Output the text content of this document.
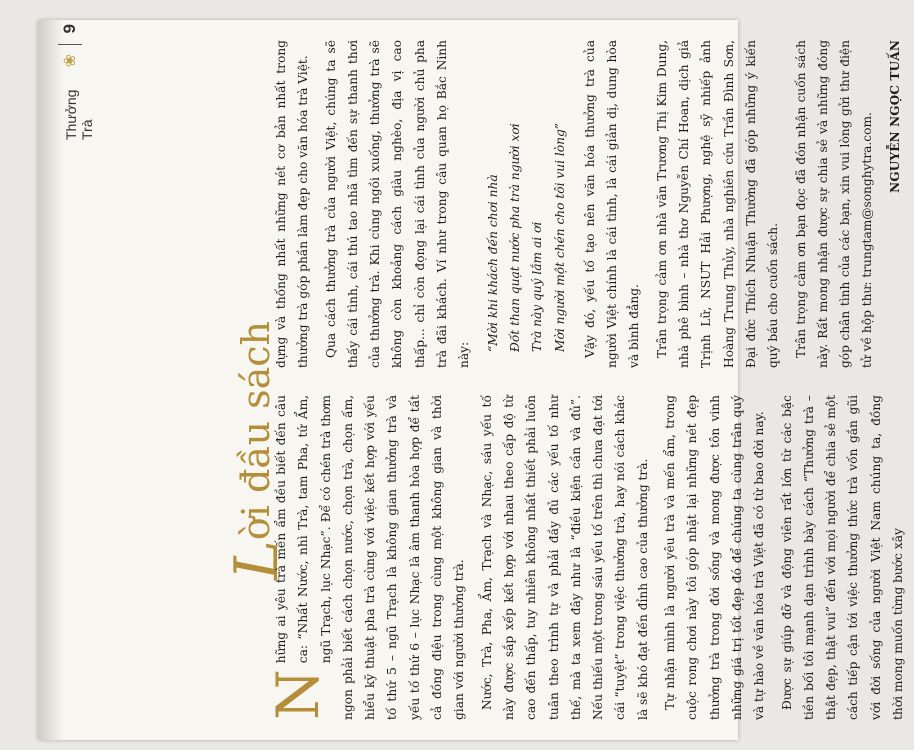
Thưởng Trà
❀
9
Lời đầu sách

N
hững ai yêu trà mến ẩm đều biết đến câu ca: “Nhất Nước, nhì Trà, tam Pha, tứ Ẩm, ngũ Trạch, lục Nhạc”. Để có chén trà thơm ngon phải biết cách chọn nước, chọn trà, chọn ấm, hiểu kỹ thuật pha trà cùng với việc kết hợp với yếu tố thứ 5 – ngũ Trạch là không gian thưởng trà và yếu tố thứ 6 – lục Nhạc là âm thanh hòa hợp để tất cả đồng điệu trong cùng một không gian và thời gian với người thưởng trà.	Nước, Trà, Pha, Ẩm, Trạch và Nhạc, sáu yếu tố này được sắp xếp kết hợp với nhau theo cấp độ từ cao đến thấp, tuy nhiên không nhất thiết phải luôn tuân theo trình tự và phải đầy đủ các yếu tố như thế, mà ta xem đây như là “điều kiện cần và đủ”. Nếu thiếu một trong sáu yếu tố trên thì chưa đạt tới cái “tuyệt” trong việc thưởng trà, hay nói cách khác là sẽ khó đạt đến đỉnh cao của thưởng trà.	Tự nhận mình là người yêu trà và mến ẩm, trong cuộc rong chơi này tôi góp nhặt lại những nét đẹp thưởng trà trong đời sống và mong được tôn vinh những giá trị tốt đẹp đó để chúng ta cùng trân quý và tự hào về văn hóa trà Việt đã có từ bao đời nay.	Được sự giúp đỡ và động viên rất lớn từ các bậc tiền bối tôi mạnh dạn trình bày cách “Thưởng trà – thật đẹp, thật vui” đến với mọi người để chia sẻ một cách tiếp cận tới việc thưởng thức trà vốn gắn gũi với đời sống của người Việt Nam chúng ta, đồng thời mong muốn từng bước xây

dựng và thống nhất những nét cơ bản nhất trong thưởng trà góp phần làm đẹp cho văn hóa trà Việt.	Qua cách thưởng trà của người Việt, chúng ta sẽ thấy cái tình, cái thú tao nhã tìm đến sự thanh thơi của thưởng trà. Khi cùng ngồi xuống, thưởng trà sẽ không còn khoảng cách giàu nghèo, địa vị cao thấp... chỉ còn đọng lại cái tình của người chủ pha trà đãi khách. Ví như trong câu quan họ Bắc Ninh này:

“Mời khi khách đến chơi nhà Đốt than quạt nước pha trà người xơi Trà này quý lắm ai ơi Mời người một chén cho tôi vui lòng”	Vậy đó, yếu tố tạo nên văn hóa thưởng trà của người Việt chính là cái tình, là cái giản dị, dung hòa và bình đẳng.	Trân trọng cảm ơn nhà văn Trương Thị Kim Dung, nhà phê bình – nhà thơ Nguyễn Chí Hoan, dịch giả Trịnh Lữ, NSƯT Hải Phượng, nghệ sỹ nhiếp ảnh Hoàng Trung Thủy, nhà nghiên cứu Trần Đình Sơn, Đại đức Thích Nhuận Thường đã góp những ý kiến quý báu cho cuốn sách.	Trân trọng cảm ơn bạn đọc đã đón nhận cuốn sách này. Rất mong nhận được sự chia sẻ và những đóng góp chân tình của các bạn, xin vui lòng gửi thư điện tử về hộp thư: trungtam@songhytra.com.	NGUYỄN NGỌC TUẤN
